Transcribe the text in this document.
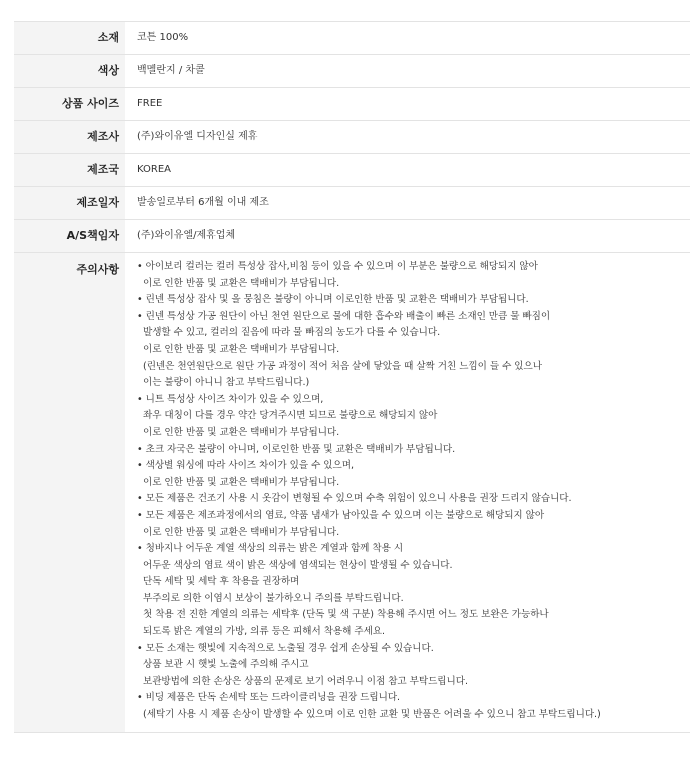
소재	코튼 100%
색상	백멜란지 / 차콜
상품 사이즈	FREE
제조사	(주)와이유엘 디자인실 제휴
제조국	KOREA
제조일자	발송일로부터 6개월 이내 제조
A/S책임자	(주)와이유엘/제휴업체
주의사항	• 아이보리 컬러는 컬러 특성상 잡사,비침 등이 있을 수 있으며 이 부분은 불량으로 해당되지 않아
이로 인한 반품 및 교환은 택배비가 부담됩니다.
• 린넨 특성상 잡사 및 올 뭉침은 불량이 아니며 이로인한 반품 및 교환은 택배비가 부담됩니다.
• 린넨 특성상 가공 원단이 아닌 천연 원단으로 물에 대한 흡수와 배출이 빠른 소재인 만큼 물 빠짐이
발생할 수 있고, 컬러의 짙음에 따라 물 빠짐의 농도가 다를 수 있습니다.
이로 인한 반품 및 교환은 택배비가 부담됩니다.
(린넨은 천연원단으로 원단 가공 과정이 적어 처음 살에 닿았을 때 살짝 거친 느낌이 들 수 있으나
이는 불량이 아니니 참고 부탁드립니다.)
• 니트 특성상 사이즈 차이가 있을 수 있으며,
좌우 대칭이 다를 경우 약간 당겨주시면 되므로 불량으로 해당되지 않아
이로 인한 반품 및 교환은 택배비가 부담됩니다.
• 초크 자국은 불량이 아니며, 이로인한 반품 및 교환은 택배비가 부담됩니다.
• 색상별 워싱에 따라 사이즈 차이가 있을 수 있으며,
이로 인한 반품 및 교환은 택배비가 부담됩니다.
• 모든 제품은 건조기 사용 시 옷감이 변형될 수 있으며 수축 위험이 있으니 사용을 권장 드리지 않습니다.
• 모든 제품은 제조과정에서의 염료, 약품 냄새가 남아있을 수 있으며 이는 불량으로 해당되지 않아
이로 인한 반품 및 교환은 택배비가 부담됩니다.
• 청바지나 어두운 계열 색상의 의류는 밝은 계열과 함께 착용 시
어두운 색상의 염료 색이 밝은 색상에 염색되는 현상이 발생될 수 있습니다.
단독 세탁 및 세탁 후 착용을 권장하며
부주의로 의한 이염시 보상이 불가하오니 주의를 부탁드립니다.
첫 착용 전 진한 계열의 의류는 세탁후 (단독 및 색 구분) 착용해 주시면 어느 정도 보완은 가능하나
되도록 밝은 계열의 가방, 의류 등은 피해서 착용해 주세요.
• 모든 소재는 햇빛에 지속적으로 노출될 경우 쉽게 손상될 수 있습니다.
상품 보관 시 햇빛 노출에 주의해 주시고
보관방법에 의한 손상은 상품의 문제로 보기 어려우니 이점 참고 부탁드립니다.
• 비딩 제품은 단독 손세탁 또는 드라이클리닝을 권장 드립니다.
(세탁기 사용 시 제품 손상이 발생할 수 있으며 이로 인한 교환 및 반품은 어려울 수 있으니 참고 부탁드립니다.)
